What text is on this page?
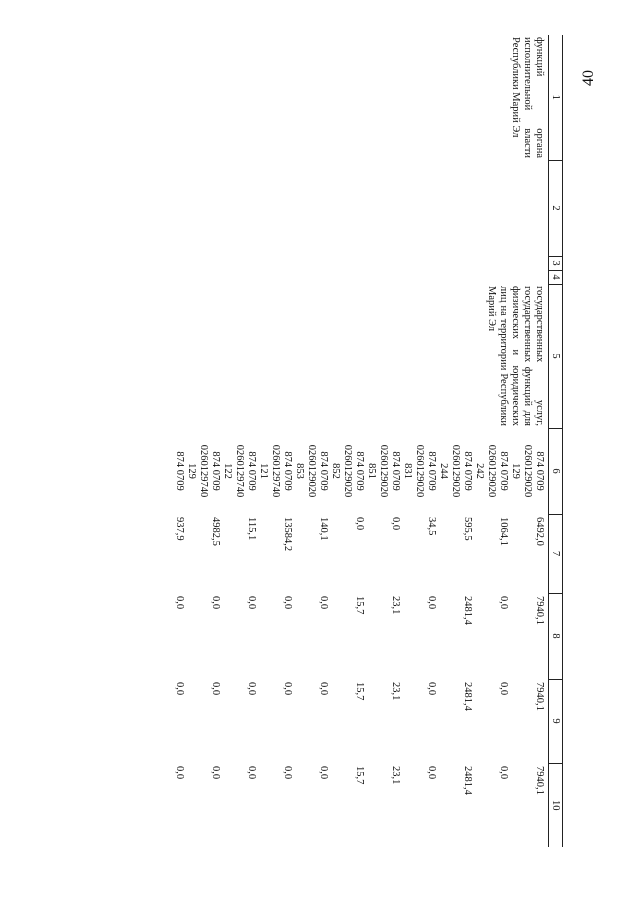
40
1	2	3	4	5	6	7	8	9	10
функций органа исполнительной власти Республики Марий Эл				государственных услуг, государственных функций для физических и юридических лиц на территории Республики Марий Эл	874 0709
0260129020
129	6492,0	7940,1	7940,1	7940,1

					874 0709
0260129020
242	1064,1	0,0	0,0	0,0

					874 0709
0260129020
244	595,5	2481,4	2481,4	2481,4

					874 0709
0260129020
831	34,5	0,0	0,0	0,0

					874 0709
0260129020
851	0,0	23,1	23,1	23,1

					874 0709
0260129020
852	0,0	15,7	15,7	15,7

					874 0709
0260129020
853	140,1	0,0	0,0	0,0

					874 0709
0260129740
121	13584,2	0,0	0,0	0,0

					874 0709
0260129740
122	115,1	0,0	0,0	0,0

					874 0709
0260129740
129	4982,5	0,0	0,0	0,0

					874 0709	937,9	0,0	0,0	0,0
